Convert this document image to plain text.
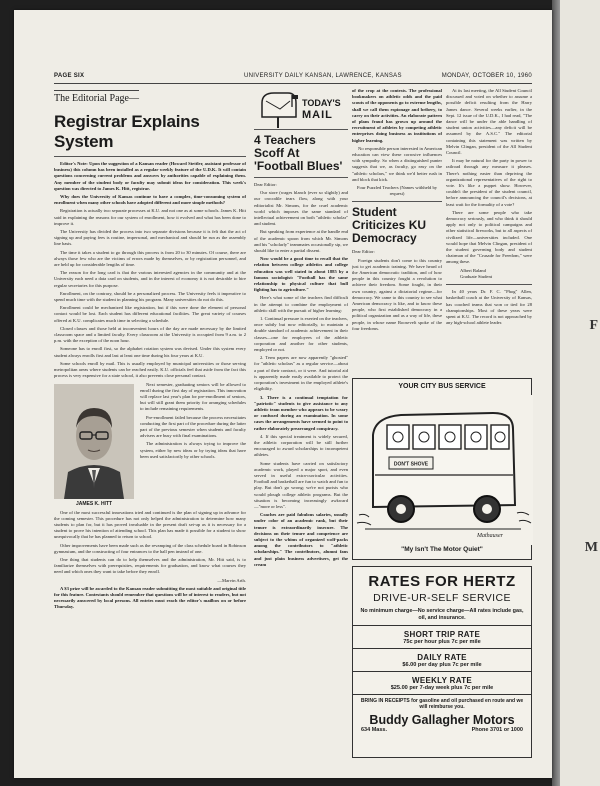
F
M
PAGE SIX	UNIVERSITY DAILY KANSAN, LAWRENCE, KANSAS	MONDAY, OCTOBER 10, 1960
The Editorial Page—
Registrar Explains System

Editor's Note: Upon the suggestion of a Kansan reader (Howard Stettler, assistant professor of business) this column has been installed as a regular weekly feature of the U.D.K. It will contain questions concerning current problems and answers by authorities capable of explaining them. Any member of the student body or faculty may submit ideas for consideration. This week's question was directed to James K. Hitt, registrar.

Why does the University of Kansas continue to have a complex, time-consuming system of enrollment when many other schools have adopted different and more simple methods?

Registration is actually two separate processes at K.U. and not one as at some schools. James K. Hitt said in explaining the reasons for our system of enrollment, how it evolved and what has been done to improve it.

The University has divided the process into two separate divisions because it is felt that the act of signing up and paying fees is routine, impersonal, and mechanical and should be run as the assembly line basis.

The time it takes a student to go through this process is from 20 to 30 minutes. Of course, there are always those few who are the victims of errors made by themselves, or by registration personnel, and are held up for considerable lengths of time.

The reason for the long card is that the various interested agencies in the community and at the University each need a data card on students, and in the interest of economy it is not desirable to hire regular secretaries for this purpose.

Enrollment, on the contrary, should be a personalized process. The University feels it imperative to spend much time with the student in planning his program. Many universities do not do this.

Enrollment could be mechanized like registration, but if this were done the element of personal contact would be lost. Each student has different educational facilities. The great variety of courses offered at K.U. complicates much time in selecting a schedule.

Closed classes and those held at inconvenient hours of the day are made necessary by the limited classroom space and a limited faculty. Every classroom at the University is occupied from 9 a.m. to 2 p.m. with the exception of the noon hour.

Someone has to enroll first, so the alphabet rotation system was devised. Under this system every student always enrolls first and last at least one time during his four years at K.U.

Some schools enroll by mail. This is usually employed by municipal universities or those serving metropolitan areas where students can be reached easily. K.U. officials feel that aside from the fact this process is very expensive for a state school, it also prevents close personal contact.

JAMES K. HITT

Next semester, graduating seniors will be allowed to enroll during the first day of registration. This innovation will replace last year's plan for pre-enrollment of seniors, but will still grant them priority for arranging schedules to include remaining requirements.

Pre-enrollment failed because the process necessitates conducting the first part of the procedure during the latter part of the previous semester when students and faculty advisers are busy with final examinations.

The administration is always trying to improve the system, either by new ideas or by trying ideas that have been used satisfactorily by other schools.

One of the most successful innovations tried and continued is the plan of signing up in advance for the coming semester. This procedure has not only helped the administration to determine how many students to plan for, but it has proved invaluable in the present draft set-up as it is necessary for a student to prove his intention of attending school. This plan has made it possible for a student to show unequivocally that he has planned to return to school.

Other improvements have been made such as the revamping of the class schedule board in Robinson gymnasium, and the constructing of four entrances to the hall pen instead of one.

One thing that students can do to help themselves and the administration, Mr. Hitt said, is to familiarize themselves with prerequisites, requirements for graduation, and know what courses they need and which ones they want to take before they enroll.

—Marvin Arth.

A $3 prize will be awarded to the Kansan reader submitting the most suitable and original title for this feature. Contestants should remember that questions will be of interest to readers, but not necessarily answered by local persons. All entries must reach the editor's mailbox on or before Thursday.

TODAY'S
MAIL
4 Teachers Scoff At 'Football Blues'

Dear Editor:

Our store (wages blanch (ever so slightly) and our crocodile tears flow, along with your editorialist Mr. Simons, for the cruel academic world which imposes the same standard of intellectual achievement on both "athletic scholar" and student.

But speaking from experience at the handle end of the academic spoon from which Mr. Simons and his "scholarly" teammates occasionally sip, we should like to enter a partial dissent.

Now would be a good time to recall that the relation between college athletics and college education was well stated in about 1885 by a famous sociologist: "Football has the same relationship to physical culture that bull fighting has to agriculture."

Here's what some of the teachers find difficult in the attempt to combine the employment of athletic skill with the pursuit of higher learning:

1. Continual pressure is exerted on the teachers, once subtly but now editorially, to maintain a double standard of academic achievement in their classes—one for employees of the athletic corporation and another for other students, employed or not.

2. Term papers are now apparently "ghosted" for "athletic scholars" as a regular service—about a part of their contract, or it were. And tutorial aid is apparently made easily available to protect the corporation's investment in the employed athlete's eligibility.

3. There is a continual temptation for "patriotic" students to give assistance to any athletic team member who appears to be weary or confused during an examination. In some cases the arrangements have seemed to point to rather elaborately prearranged conspiracy.

4. If this special treatment is widely secured, the athletic corporation will be still further encouraged to award scholarships to incompetent athletes.

Some students have carried on satisfactory academic work, played a major sport, and even served in useful extra-curricular activities. Football and basketball are fun to watch and fun to play. But don't go wrong; we're not purists who would plough college athletic programs. But the situation is becoming increasingly awkward—"more or less".

Coaches are paid fabulous salaries, usually under color of an academic rank, but their tenure is extraordinarily insecure. The decisions on their tenure and competence are subject to the whims of organized wolf-packs among the contributors to "athletic scholarships." The contributors, alumni fans and just plain business advertisers, get the cream

of the crop at the contests. The professional bookmakers on athletic odds and the paid scouts of the opponents go to extreme lengths, shall we call them espionage and bribery, to carry on their activities. An elaborate pattern of plans fraud has grown up around the recruitment of athletes by competing athletic enterprises doing business as institutions of higher learning.

No responsible person interested in American education can view these corrosive influences with sympathy. So when a distinguished punter suggests that we, as faculty, go easy on the "athletic scholars," we think we'd better rush in and block that kick.

Four Puzzled Teachers (Names withheld by request)

Student Criticizes KU Democracy

Dear Editor:

Foreign students don't come to this country just to get academic training. We have heard of the American democratic tradition, and of how people in this country fought a revolution to achieve their freedom. Some fought, in their own country, against a dictatorial regime—for democracy. We came to this country to see what American democracy is like, and to know these people, who first established democracy in a political organization and as a way of life, these people, in whose name Roosevelt spoke of the four freedoms.

At its last meeting, the All Student Council discussed and voted on whether to assume a possible deficit resulting from the Harry James dance. Several weeks earlier, in the Sept. 12 issue of the U.D.K., I had read, "The dance will be under the able handling of student union activities—any deficit will be assumed by the A.S.C." The editorial containing this statement was written by Melvin Clingan, president of the All Student Council.

It may be natural for the party in power to railroad through any measure it pleases. There's nothing easier than depriving the organizational representatives of the right to vote. It's like a puppet show. However, couldn't the president of the student council, before announcing the council's decisions, at least wait for the formality of a vote?

There are some people who take democracy seriously, and who think it should apply not only to political campaigns and other statistical fireworks, but to all aspects of civilized life—universities included. One would hope that Melvin Clingan, president of the student governing body and student chairman of the "Crusade for Freedom," were among these.

Albert Baland

Graduate Student

In 40 years Dr. F. C. "Phog" Allen, basketball coach at the University of Kansas, has coached teams that won or tied for 28 championships. Most of these years were spent at K.U. The record is not approached by any high-school athlete leader.

YOUR CITY BUS SERVICE
DON'T SHOVE
Mathauser
"My Isn't The Motor Quiet"
RATES FOR HERTZ
DRIVE-UR-SELF SERVICE
No minimum charge—No service charge—All rates include gas, oil, and insurance.
SHORT TRIP RATE
75c per hour plus 7c per mile
DAILY RATE
$6.00 per day plus 7c per mile
WEEKLY RATE
$25.00 per 7-day week plus 7c per mile
BRING IN RECEIPTS for gasoline and oil purchased en route and we will reimburse you.
Buddy Gallagher Motors
634 Mass.	Phone 3701 or 1000
